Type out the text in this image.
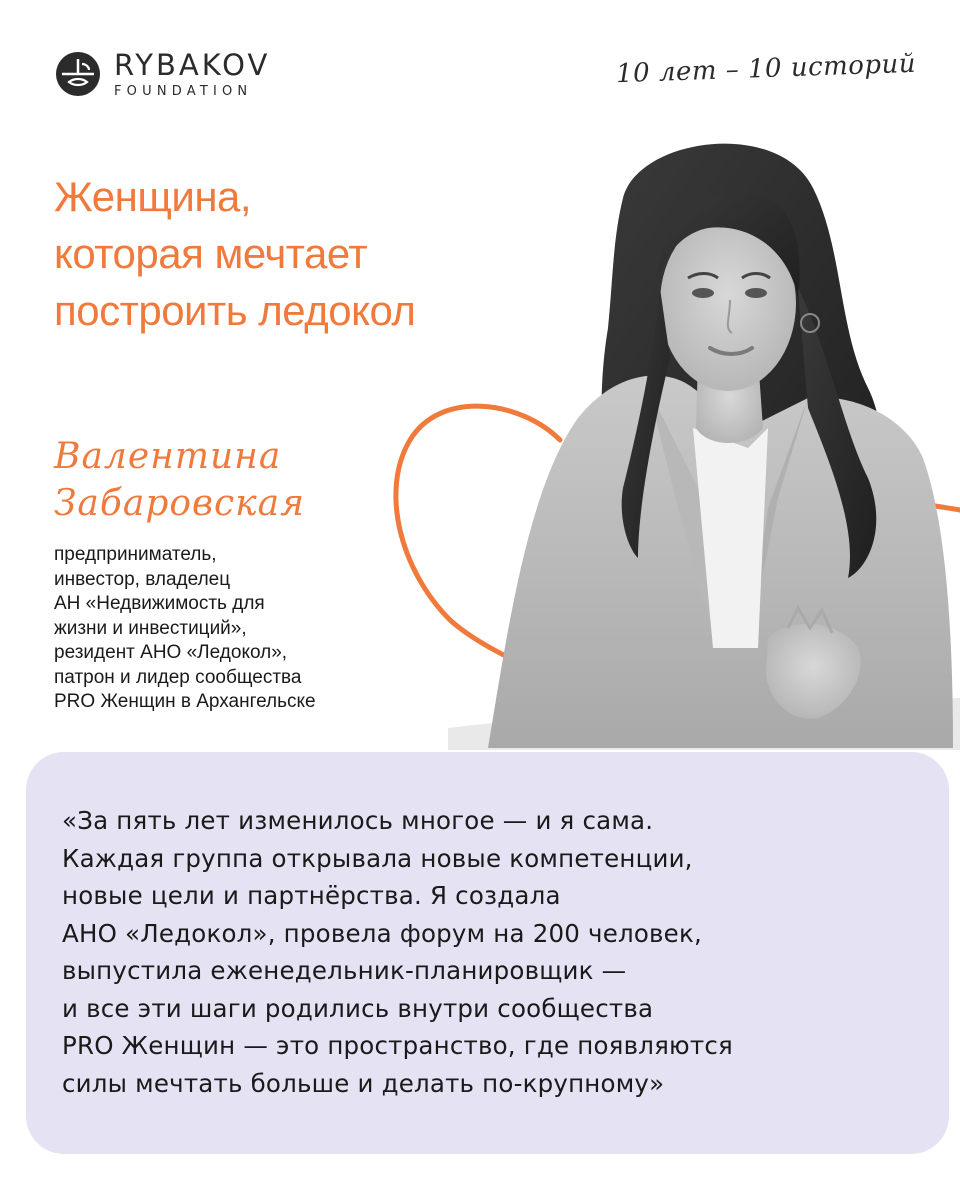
RYBAKOV
FOUNDATION
10 лет – 10 историй
Женщина,
которая мечтает
построить ледокол
Валентина
Забаровская
предприниматель,
инвестор, владелец
АН «Недвижимость для
жизни и инвестиций»,
резидент АНО «Ледокол»,
патрон и лидер сообщества
PRO Женщин в Архангельске
«За пять лет изменилось многое — и я сама.
Каждая группа открывала новые компетенции,
новые цели и партнёрства. Я создала
АНО «Ледокол», провела форум на 200 человек,
выпустила еженедельник-планировщик —
и все эти шаги родились внутри сообщества
PRO Женщин — это пространство, где появляются
силы мечтать больше и делать по-крупному»
